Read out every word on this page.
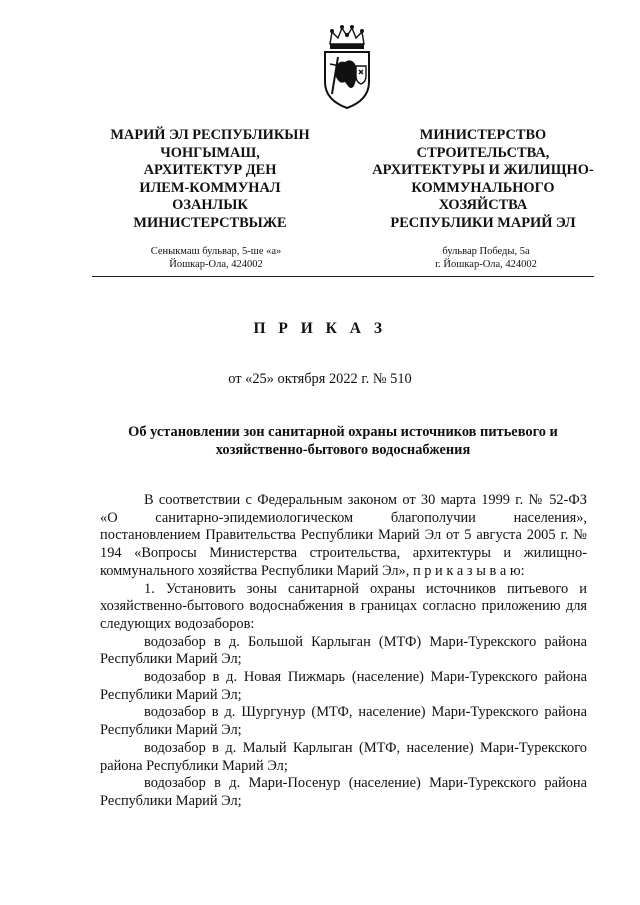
МАРИЙ ЭЛ РЕСПУБЛИКЫН
ЧОНГЫМАШ,
АРХИТЕКТУР ДЕН
ИЛЕМ-КОММУНАЛ
ОЗАНЛЫК
МИНИСТЕРСТВЫЖЕ
МИНИСТЕРСТВО
СТРОИТЕЛЬСТВА,
АРХИТЕКТУРЫ И ЖИЛИЩНО-
КОММУНАЛЬНОГО
ХОЗЯЙСТВА
РЕСПУБЛИКИ МАРИЙ ЭЛ
Сеныкмаш бульвар, 5-ше «а»
Йошкар-Ола, 424002
бульвар Победы, 5а
г. Йошкар-Ола, 424002
П Р И К А З
от «25» октября 2022 г. № 510
Об установлении зон санитарной охраны источников питьевого и хозяйственно-бытового водоснабжения

В соответствии с Федеральным законом от 30 марта 1999 г. № 52-ФЗ «О санитарно-эпидемиологическом благополучии населения», постановлением Правительства Республики Марий Эл от 5 августа 2005 г. № 194 «Вопросы Министерства строительства, архитектуры и жилищно-коммунального хозяйства Республики Марий Эл», п р и к а з ы в а ю:

1. Установить зоны санитарной охраны источников питьевого и хозяйственно-бытового водоснабжения в границах согласно приложению для следующих водозаборов:

водозабор в д. Большой Карлыган (МТФ) Мари-Турекского района Республики Марий Эл;

водозабор в д. Новая Пижмарь (население) Мари-Турекского района Республики Марий Эл;

водозабор в д. Шургунур (МТФ, население) Мари-Турекского района Республики Марий Эл;

водозабор в д. Малый Карлыган (МТФ, население) Мари-Турекского района Республики Марий Эл;

водозабор в д. Мари-Посенур (население) Мари-Турекского района Республики Марий Эл;
